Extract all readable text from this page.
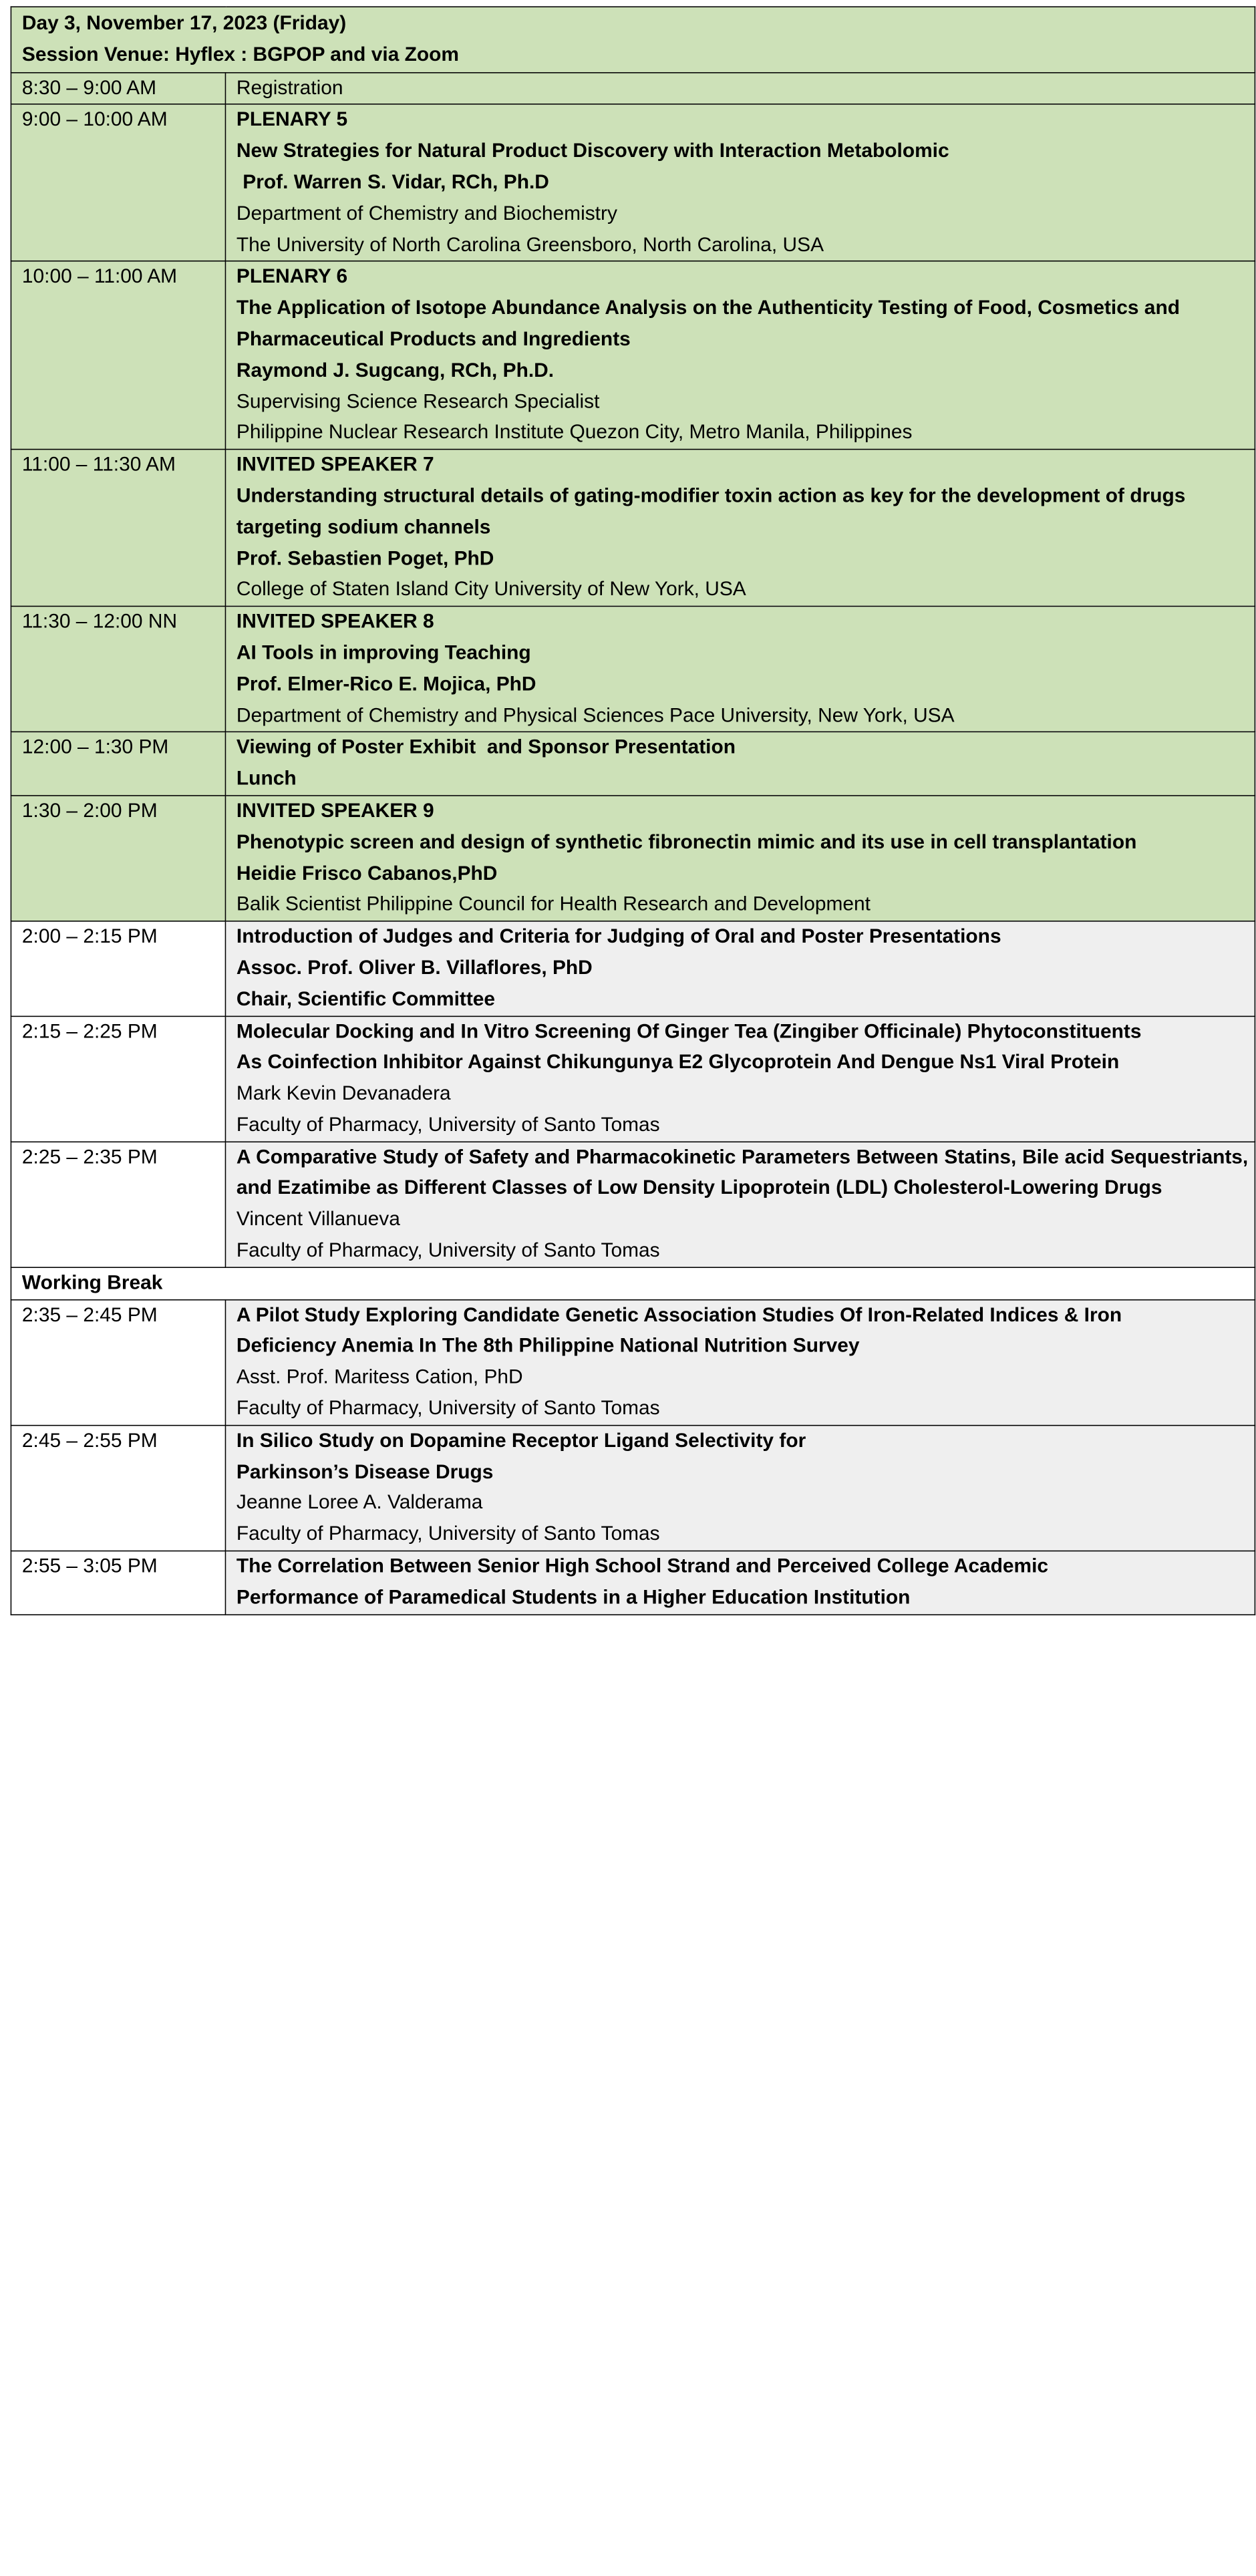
Day 3, November 17, 2023 (Friday)
Session Venue: Hyflex : BGPOP and via Zoom	

8:30 – 9:00 AM	Registration

9:00 – 10:00 AM	PLENARY 5
New Strategies for Natural Product Discovery with Interaction Metabolomic
Prof. Warren S. Vidar, RCh, Ph.D
Department of Chemistry and Biochemistry
The University of North Carolina Greensboro, North Carolina, USA

10:00 – 11:00 AM	PLENARY 6
The Application of Isotope Abundance Analysis on the Authenticity Testing of Food, Cosmetics and Pharmaceutical Products and Ingredients
Raymond J. Sugcang, RCh, Ph.D.
Supervising Science Research Specialist
Philippine Nuclear Research Institute Quezon City, Metro Manila, Philippines

11:00 – 11:30 AM	INVITED SPEAKER 7
Understanding structural details of gating-modifier toxin action as key for the development of drugs targeting sodium channels
Prof. Sebastien Poget, PhD
College of Staten Island City University of New York, USA

11:30 – 12:00 NN	INVITED SPEAKER 8
AI Tools in improving Teaching
Prof. Elmer-Rico E. Mojica, PhD
Department of Chemistry and Physical Sciences Pace University, New York, USA

12:00 – 1:30 PM	Viewing of Poster Exhibit  and Sponsor Presentation
Lunch

1:30 – 2:00 PM	INVITED SPEAKER 9
Phenotypic screen and design of synthetic fibronectin mimic and its use in cell transplantation
Heidie Frisco Cabanos,PhD
Balik Scientist Philippine Council for Health Research and Development

2:00 – 2:15 PM	Introduction of Judges and Criteria for Judging of Oral and Poster Presentations
Assoc. Prof. Oliver B. Villaflores, PhD
Chair, Scientific Committee

2:15 – 2:25 PM	Molecular Docking and In Vitro Screening Of Ginger Tea (Zingiber Officinale) Phytoconstituents
As Coinfection Inhibitor Against Chikungunya E2 Glycoprotein And Dengue Ns1 Viral Protein
Mark Kevin Devanadera
Faculty of Pharmacy, University of Santo Tomas

2:25 – 2:35 PM	A Comparative Study of Safety and Pharmacokinetic Parameters Between Statins, Bile acid Sequestriants, and Ezatimibe as Different Classes of Low Density Lipoprotein (LDL) Cholesterol-Lowering Drugs
Vincent Villanueva
Faculty of Pharmacy, University of Santo Tomas

Working Break	
2:35 – 2:45 PM	A Pilot Study Exploring Candidate Genetic Association Studies Of Iron-Related Indices & Iron
Deficiency Anemia In The 8th Philippine National Nutrition Survey
Asst. Prof. Maritess Cation, PhD
Faculty of Pharmacy, University of Santo Tomas

2:45 – 2:55 PM	In Silico Study on Dopamine Receptor Ligand Selectivity for
Parkinson’s Disease Drugs
Jeanne Loree A. Valderama
Faculty of Pharmacy, University of Santo Tomas

2:55 – 3:05 PM	The Correlation Between Senior High School Strand and Perceived College Academic
Performance of Paramedical Students in a Higher Education Institution
